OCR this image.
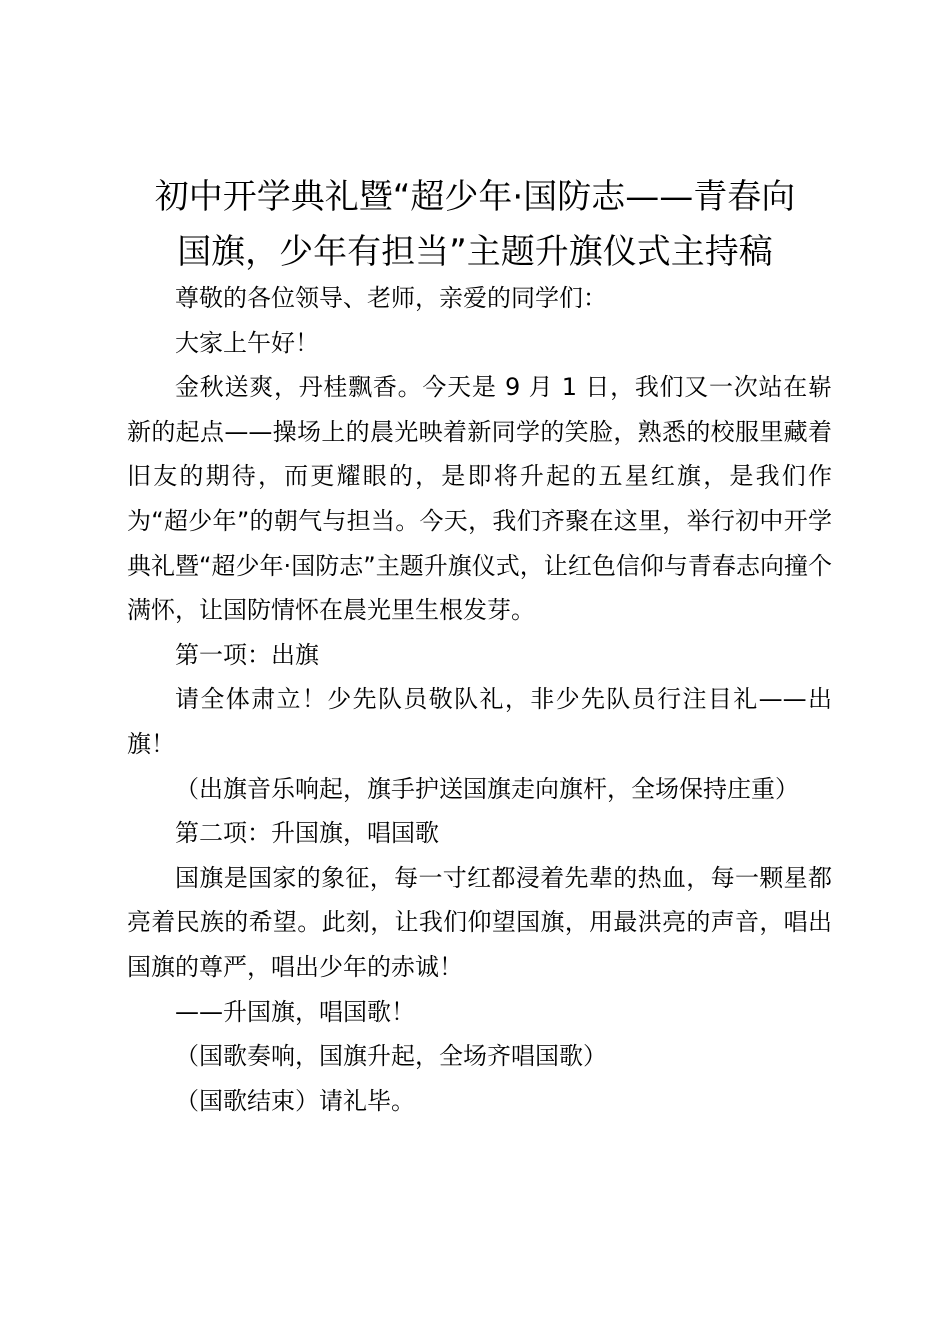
初中开学典礼暨“超少年·国防志——青春向
国旗，少年有担当”主题升旗仪式主持稿

尊敬的各位领导、老师，亲爱的同学们：

大家上午好！

金秋送爽，丹桂飘香。今天是 9 月 1 日，我们又一次站在崭新的起点——操场上的晨光映着新同学的笑脸，熟悉的校服里藏着旧友的期待，而更耀眼的，是即将升起的五星红旗，是我们作为“超少年”的朝气与担当。今天，我们齐聚在这里，举行初中开学典礼暨“超少年·国防志”主题升旗仪式，让红色信仰与青春志向撞个满怀，让国防情怀在晨光里生根发芽。

第一项：出旗

请全体肃立！少先队员敬队礼，非少先队员行注目礼——出旗！

（出旗音乐响起，旗手护送国旗走向旗杆，全场保持庄重）

第二项：升国旗，唱国歌

国旗是国家的象征，每一寸红都浸着先辈的热血，每一颗星都亮着民族的希望。此刻，让我们仰望国旗，用最洪亮的声音，唱出国旗的尊严，唱出少年的赤诚！

——升国旗，唱国歌！

（国歌奏响，国旗升起，全场齐唱国歌）

（国歌结束）请礼毕。
